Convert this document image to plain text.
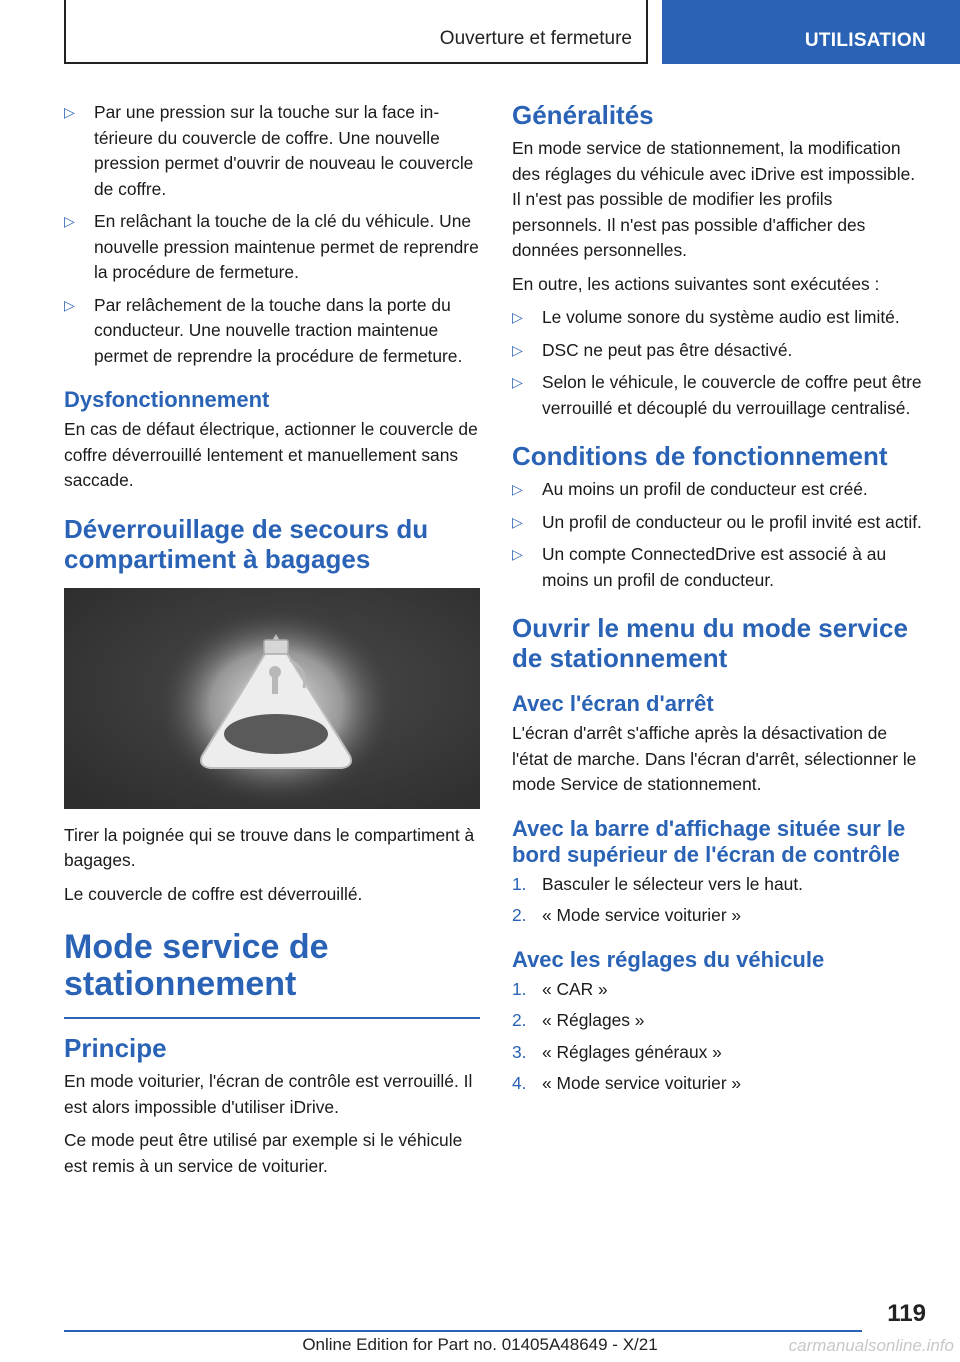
Ouverture et fermeture	UTILISATION
▷	Par une pression sur la touche sur la face intérieure du couvercle de coffre. Une nouvelle pression permet d'ouvrir de nouveau le couvercle de coffre.
▷	En relâchant la touche de la clé du véhicule. Une nouvelle pression maintenue permet de reprendre la procédure de fermeture.
▷	Par relâchement de la touche dans la porte du conducteur. Une nouvelle traction maintenue permet de reprendre la procédure de fermeture.
Dysfonctionnement

En cas de défaut électrique, actionner le couvercle de coffre déverrouillé lentement et manuellement sans saccade.

Déverrouillage de secours du compartiment à bagages

Tirer la poignée qui se trouve dans le compartiment à bagages.

Le couvercle de coffre est déverrouillé.

Mode service de stationnement
Principe

En mode voiturier, l'écran de contrôle est verrouillé. Il est alors impossible d'utiliser iDrive.

Ce mode peut être utilisé par exemple si le véhicule est remis à un service de voiturier.

Généralités

En mode service de stationnement, la modification des réglages du véhicule avec iDrive est impossible. Il n'est pas possible de modifier les profils personnels. Il n'est pas possible d'afficher des données personnelles.

En outre, les actions suivantes sont exécutées :

▷	Le volume sonore du système audio est limité.
▷	DSC ne peut pas être désactivé.
▷	Selon le véhicule, le couvercle de coffre peut être verrouillé et découplé du verrouillage centralisé.
Conditions de fonctionnement
▷	Au moins un profil de conducteur est créé.
▷	Un profil de conducteur ou le profil invité est actif.
▷	Un compte ConnectedDrive est associé à au moins un profil de conducteur.
Ouvrir le menu du mode service de stationnement
Avec l'écran d'arrêt

L'écran d'arrêt s'affiche après la désactivation de l'état de marche. Dans l'écran d'arrêt, sélectionner le mode Service de stationnement.

Avec la barre d'affichage située sur le bord supérieur de l'écran de contrôle
1. Basculer le sélecteur vers le haut.
2. « Mode service voiturier »
Avec les réglages du véhicule
1. « CAR »
2. « Réglages »
3. « Réglages généraux »
4. « Mode service voiturier »
119
Online Edition for Part no. 01405A48649 - X/21	carmanualsonline.info
